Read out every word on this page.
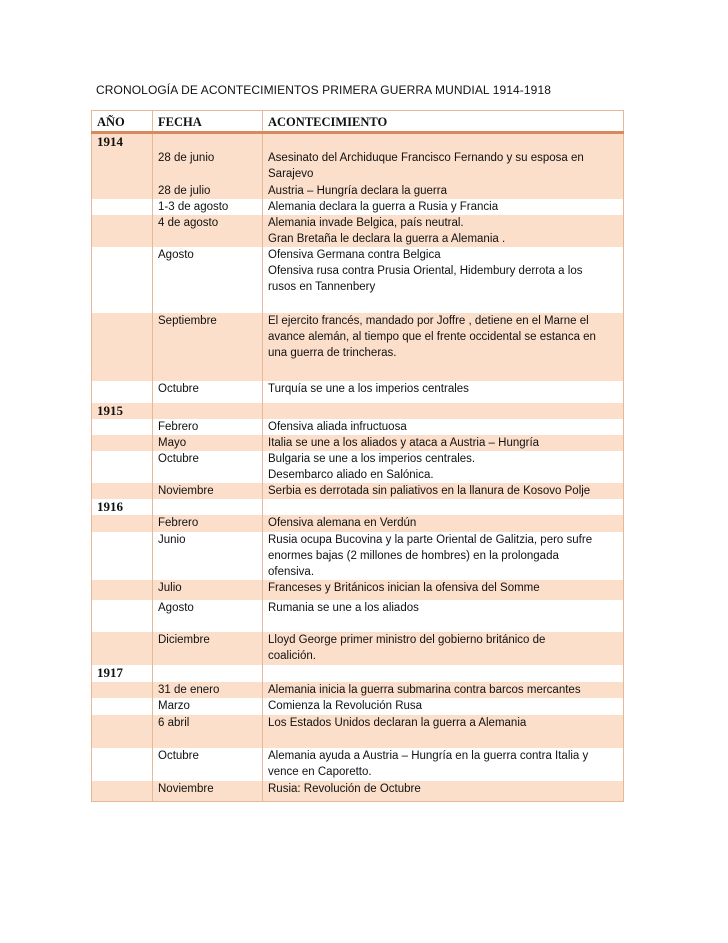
CRONOLOGÍA DE ACONTECIMIENTOS PRIMERA GUERRA MUNDIAL 1914-1918
AÑO	FECHA	ACONTECIMIENTO
1914		
	28 de junio	Asesinato del Archiduque Francisco Fernando y su esposa en
Sarajevo

	28 de julio	Austria – Hungría declara la guerra

	1-3 de agosto	Alemania declara la guerra a Rusia y Francia

	4 de agosto	Alemania invade Belgica, país neutral.
Gran Bretaña le declara la guerra a Alemania .

	Agosto	Ofensiva Germana contra Belgica
Ofensiva rusa contra Prusia Oriental, Hidembury derrota a los
rusos en Tannenbery

	Septiembre	El ejercito francés, mandado por Joffre , detiene en el Marne el
avance alemán, al tiempo que el frente occidental se estanca en
una guerra de trincheras.

	Octubre	Turquía se une a los imperios centrales

1915		
	Febrero	Ofensiva aliada infructuosa

	Mayo	Italia se une a los aliados y ataca a Austria – Hungría

	Octubre	Bulgaria se une a los imperios centrales.
Desembarco aliado en Salónica.

	Noviembre	Serbia es derrotada sin paliativos en la llanura de Kosovo Polje

1916		
	Febrero	Ofensiva alemana en Verdún

	Junio	Rusia ocupa Bucovina y la parte Oriental de Galitzia, pero sufre
enormes bajas (2 millones de hombres) en la prolongada
ofensiva.

	Julio	Franceses y Británicos inician la ofensiva del Somme

	Agosto	Rumania se une a los aliados

	Diciembre	Lloyd George primer ministro del gobierno británico de
coalición.

1917		
	31 de enero	Alemania inicia la guerra submarina contra barcos mercantes

	Marzo	Comienza la Revolución Rusa

	6 abril	Los Estados Unidos declaran la guerra a Alemania

	Octubre	Alemania ayuda a Austria – Hungría en la guerra contra Italia y
vence en Caporetto.

	Noviembre	Rusia: Revolución de Octubre
